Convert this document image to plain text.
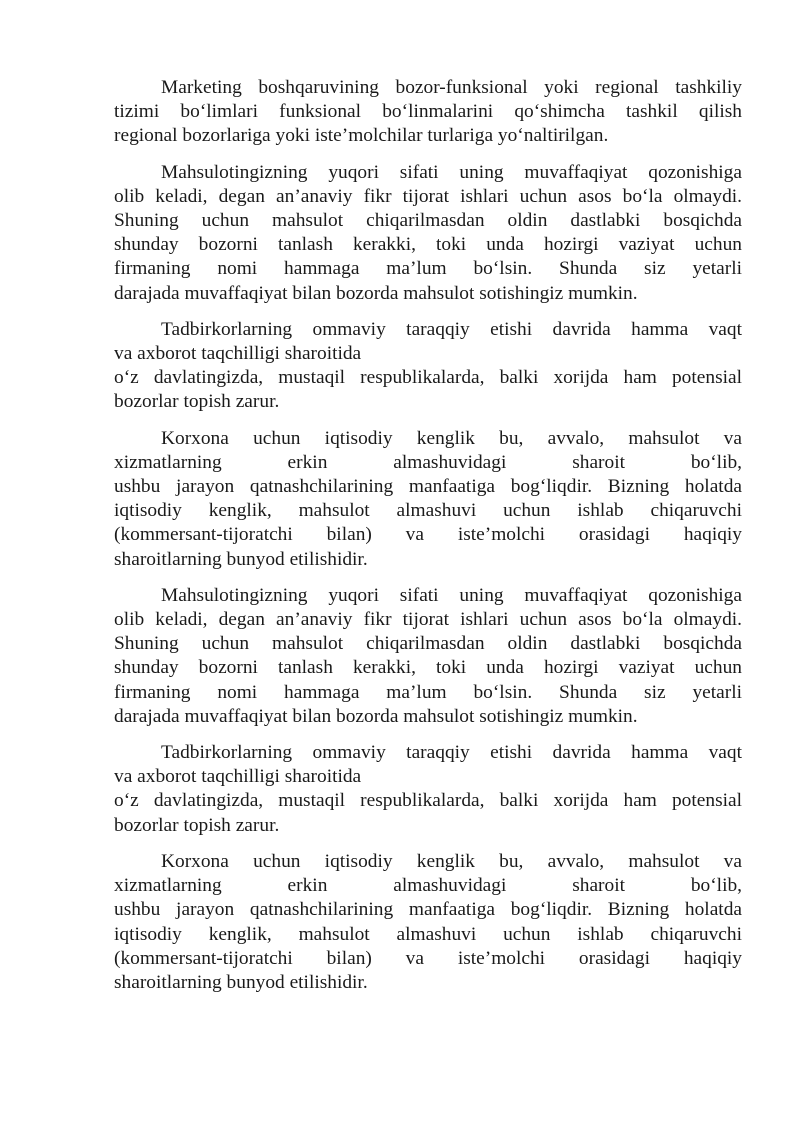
Marketing boshqaruvining bozor-funksional yoki regional tashkiliy
tizimi bo‘limlari funksional bo‘linmalarini qo‘shimcha tashkil qilish
regional bozorlariga yoki iste’molchilar turlariga yo‘naltirilgan.
Mahsulotingizning yuqori sifati uning muvaffaqiyat qozonishiga
olib keladi, degan an’anaviy fikr tijorat ishlari uchun asos bo‘la olmaydi.
Shuning uchun mahsulot chiqarilmasdan oldin dastlabki bosqichda
shunday bozorni tanlash kerakki, toki unda hozirgi vaziyat uchun
firmaning nomi hammaga ma’lum bo‘lsin. Shunda siz yetarli
darajada muvaffaqiyat bilan bozorda mahsulot sotishingiz mumkin.
Tadbirkorlarning ommaviy taraqqiy etishi davrida hamma vaqt
va axborot taqchilligi sharoitida
o‘z davlatingizda, mustaqil respublikalarda, balki xorijda ham potensial
bozorlar topish zarur.
Korxona uchun iqtisodiy kenglik bu, avvalo, mahsulot va
xizmatlarning erkin almashuvidagi sharoit bo‘lib,
ushbu jarayon qatnashchilarining manfaatiga bog‘liqdir. Bizning holatda
iqtisodiy kenglik, mahsulot almashuvi uchun ishlab chiqaruvchi
(kommersant-tijoratchi bilan) va iste’molchi orasidagi haqiqiy
sharoitlarning bunyod etilishidir.
Mahsulotingizning yuqori sifati uning muvaffaqiyat qozonishiga
olib keladi, degan an’anaviy fikr tijorat ishlari uchun asos bo‘la olmaydi.
Shuning uchun mahsulot chiqarilmasdan oldin dastlabki bosqichda
shunday bozorni tanlash kerakki, toki unda hozirgi vaziyat uchun
firmaning nomi hammaga ma’lum bo‘lsin. Shunda siz yetarli
darajada muvaffaqiyat bilan bozorda mahsulot sotishingiz mumkin.
Tadbirkorlarning ommaviy taraqqiy etishi davrida hamma vaqt
va axborot taqchilligi sharoitida
o‘z davlatingizda, mustaqil respublikalarda, balki xorijda ham potensial
bozorlar topish zarur.
Korxona uchun iqtisodiy kenglik bu, avvalo, mahsulot va
xizmatlarning erkin almashuvidagi sharoit bo‘lib,
ushbu jarayon qatnashchilarining manfaatiga bog‘liqdir. Bizning holatda
iqtisodiy kenglik, mahsulot almashuvi uchun ishlab chiqaruvchi
(kommersant-tijoratchi bilan) va iste’molchi orasidagi haqiqiy
sharoitlarning bunyod etilishidir.
